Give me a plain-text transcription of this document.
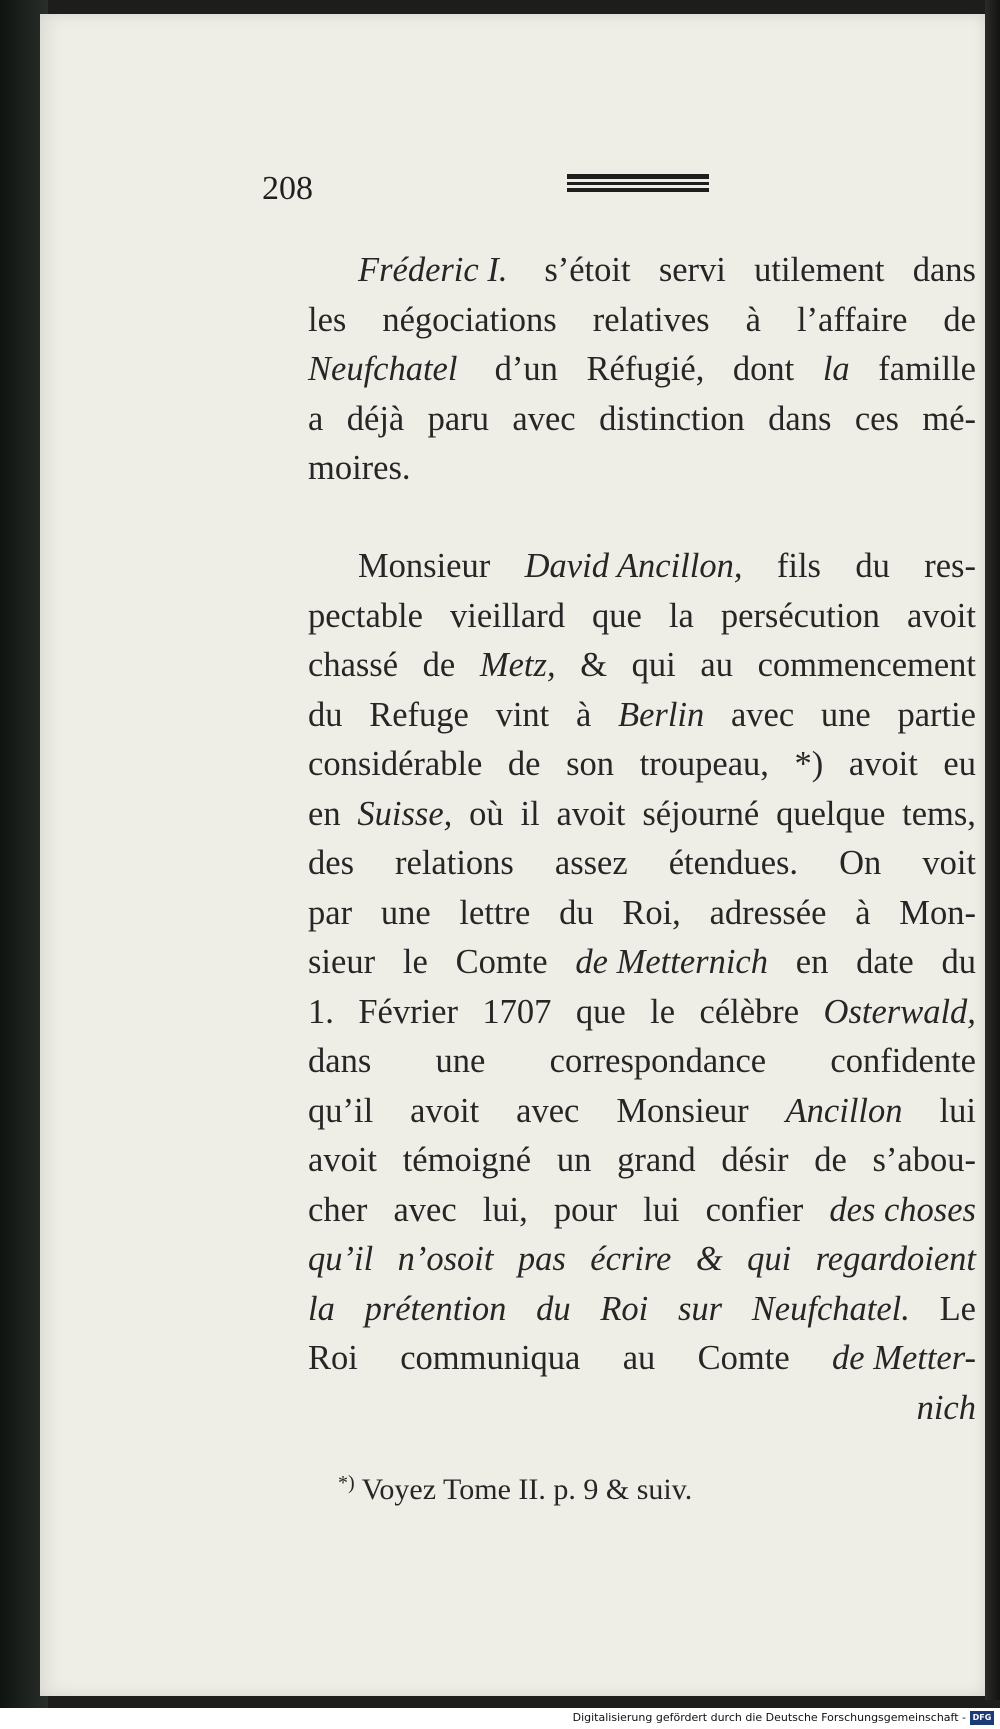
208
Fréderic I. s’étoit servi utilement dans
les négociations relatives à l’affaire de
Neufchatel d’un Réfugié, dont la famille
a déjà paru avec distinction dans ces mé-
moires.
Monsieur David Ancillon, fils du res-
pectable vieillard que la persécution avoit
chassé de Metz, & qui au commencement
du Refuge vint à Berlin avec une partie
considérable de son troupeau, *) avoit eu
en Suisse, où il avoit séjourné quelque tems,
des relations assez étendues. On voit
par une lettre du Roi, adressée à Mon-
sieur le Comte de Metternich en date du
1. Février 1707 que le célèbre Osterwald,
dans une correspondance confidente
qu’il avoit avec Monsieur Ancillon lui
avoit témoigné un grand désir de s’abou-
cher avec lui, pour lui confier des choses
qu’il n’osoit pas écrire & qui regardoient
la prétention du Roi sur Neufchatel. Le
Roi communiqua au Comte de Metter-
nich
*) Voyez Tome II. p. 9 & suiv.
Digitalisierung gefördert durch die Deutsche Forschungsgemeinschaft - DFG
